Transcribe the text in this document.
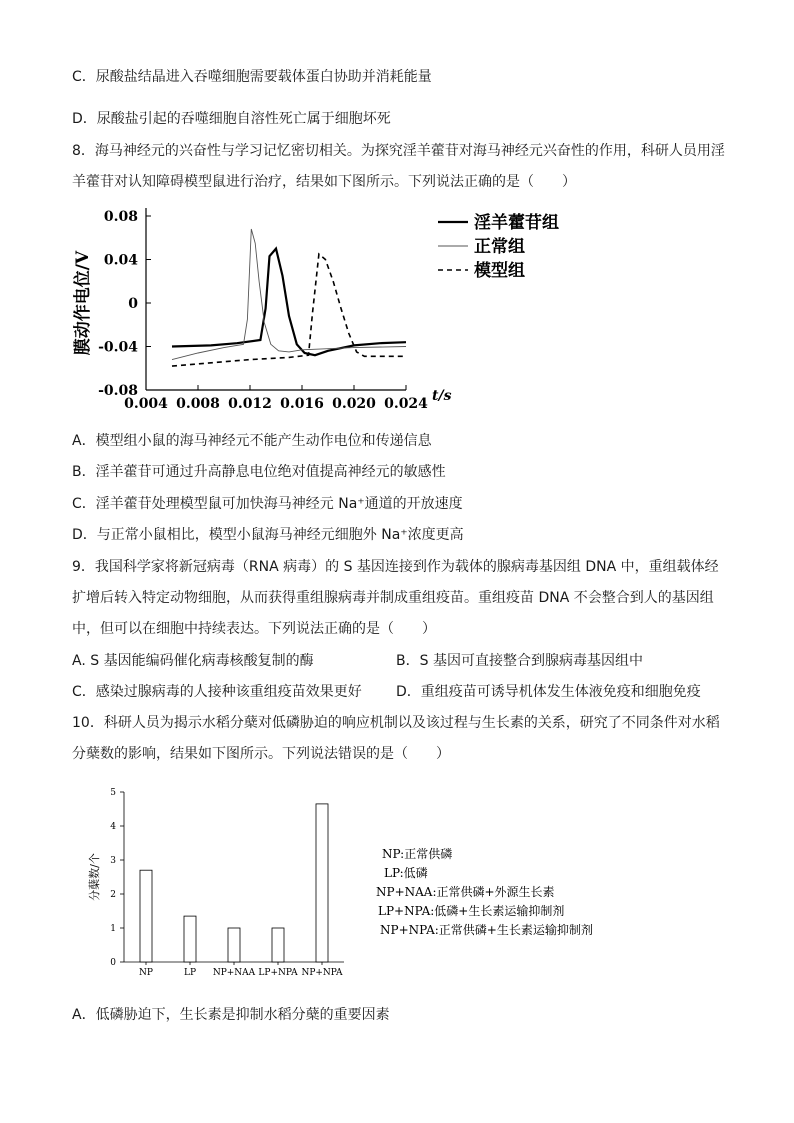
C．尿酸盐结晶进入吞噬细胞需要载体蛋白协助并消耗能量
D．尿酸盐引起的吞噬细胞自溶性死亡属于细胞坏死
8．海马神经元的兴奋性与学习记忆密切相关。为探究淫羊藿苷对海马神经元兴奋性的作用，科研人员用淫
羊藿苷对认知障碍模型鼠进行治疗，结果如下图所示。下列说法正确的是（　　）
0.08
0.04
0
-0.04
-0.08
0.004 0.008 0.012 0.016 0.020 0.024 t/s
膜动作电位/V
淫羊藿苷组
正常组
模型组
A．模型组小鼠的海马神经元不能产生动作电位和传递信息
B．淫羊藿苷可通过升高静息电位绝对值提高神经元的敏感性
C．淫羊藿苷处理模型鼠可加快海马神经元 Na⁺通道的开放速度
D．与正常小鼠相比，模型小鼠海马神经元细胞外 Na⁺浓度更高
9．我国科学家将新冠病毒（RNA 病毒）的 S 基因连接到作为载体的腺病毒基因组 DNA 中，重组载体经
扩增后转入特定动物细胞，从而获得重组腺病毒并制成重组疫苗。重组疫苗 DNA 不会整合到人的基因组
中，但可以在细胞中持续表达。下列说法正确的是（　　）
A. S 基因能编码催化病毒核酸复制的酶	B．S 基因可直接整合到腺病毒基因组中
C．感染过腺病毒的人接种该重组疫苗效果更好 D．重组疫苗可诱导机体发生体液免疫和细胞免疫
10．科研人员为揭示水稻分蘖对低磷胁迫的响应机制以及该过程与生长素的关系，研究了不同条件对水稻
分蘖数的影响，结果如下图所示。下列说法错误的是（　　）
0
1
2
3
4
5
分蘖数/个
NP	LP NP+NAA LP+NPA NP+NPA
NP:正常供磷
LP:低磷
NP+NAA:正常供磷+外源生长素
LP+NPA:低磷+生长素运输抑制剂
NP+NPA:正常供磷+生长素运输抑制剂
A．低磷胁迫下，生长素是抑制水稻分蘖的重要因素
